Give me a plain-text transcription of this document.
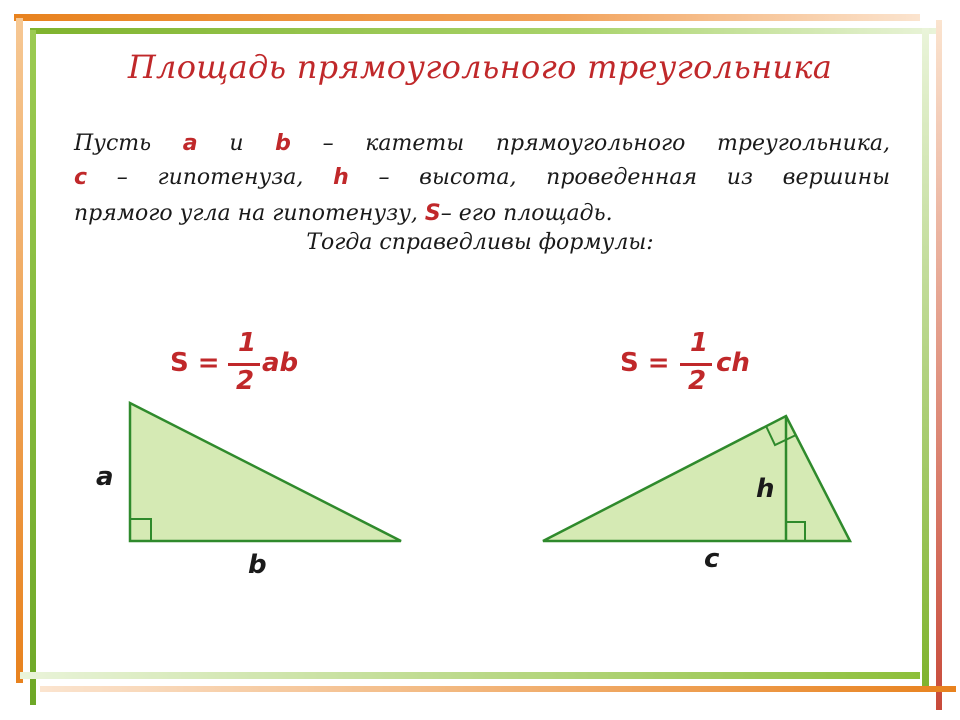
Площадь прямоугольного треугольника
Пусть a и b – катеты прямоугольного треугольника,
c – гипотенуза, h – высота, проведенная из вершины
прямого угла на гипотенузу, S– его площадь.
Тогда справедливы формулы:
S =
1
2
ab	S =
1
2
ch
a
b
h
c
